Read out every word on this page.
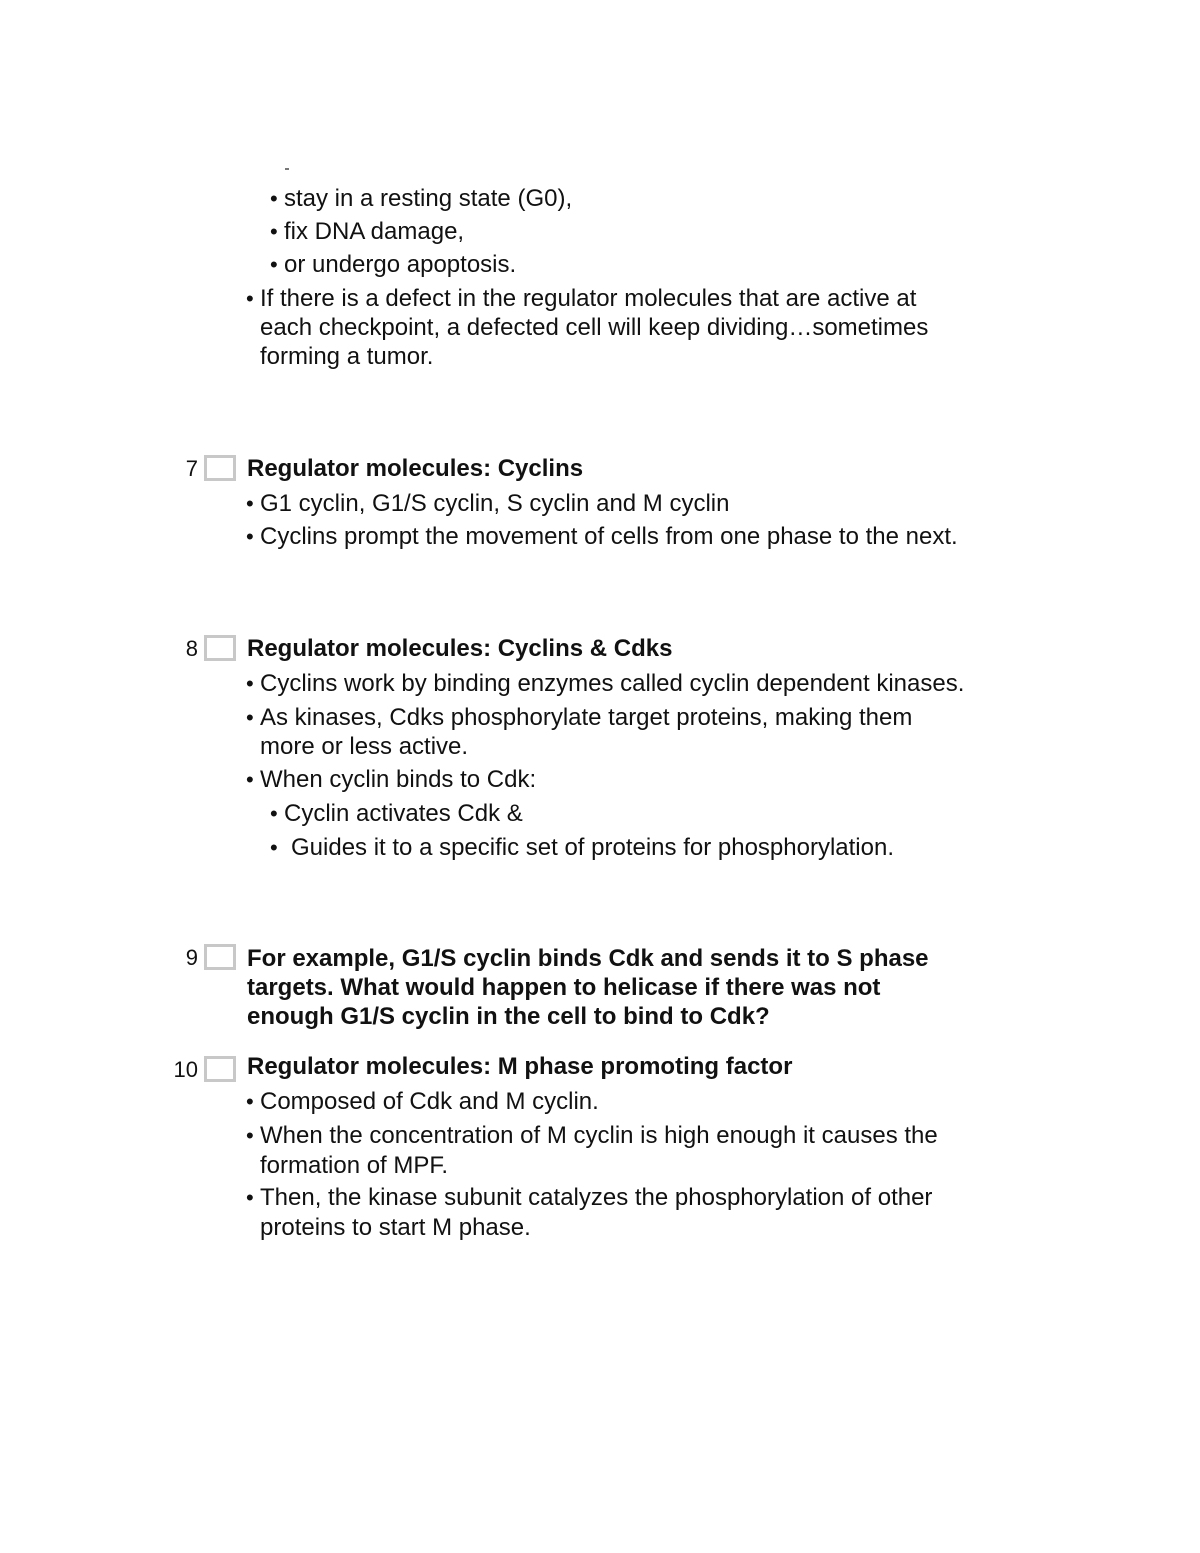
• stay in a resting state (G0),
• fix DNA damage,
• or undergo apoptosis.
• If there is a defect in the regulator molecules that are active at
each checkpoint, a defected cell will keep dividing…sometimes
forming a tumor.
7 Regulator molecules: Cyclins
• G1 cyclin, G1/S cyclin, S cyclin and M cyclin
• Cyclins prompt the movement of cells from one phase to the next.
8 Regulator molecules: Cyclins & Cdks
• Cyclins work by binding enzymes called cyclin dependent kinases.
• As kinases, Cdks phosphorylate target proteins, making them
more or less active.
• When cyclin binds to Cdk:
• Cyclin activates Cdk &
• Guides it to a specific set of proteins for phosphorylation.
9 For example, G1/S cyclin binds Cdk and sends it to S phase
targets. What would happen to helicase if there was not
enough G1/S cyclin in the cell to bind to Cdk?
10 Regulator molecules: M phase promoting factor
• Composed of Cdk and M cyclin.
• When the concentration of M cyclin is high enough it causes the
formation of MPF.
• Then, the kinase subunit catalyzes the phosphorylation of other
proteins to start M phase.
